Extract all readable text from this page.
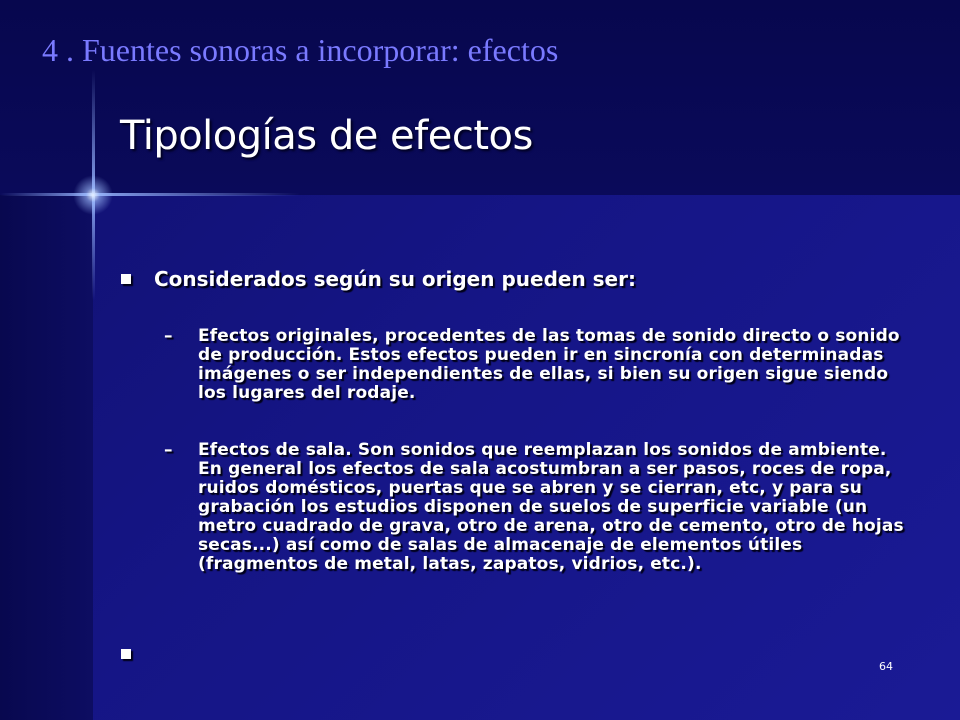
4 . Fuentes sonoras a incorporar: efectos
Tipologías de efectos
Considerados según su origen pueden ser:
– Efectos originales, procedentes de las tomas de sonido directo o sonido de producción. Estos efectos pueden ir en sincronía con determinadas imágenes o ser independientes de ellas, si bien su origen sigue siendo los lugares del rodaje.
– Efectos de sala. Son sonidos que reemplazan los sonidos de ambiente. En general los efectos de sala acostumbran a ser pasos, roces de ropa, ruidos domésticos, puertas que se abren y se cierran, etc, y para su grabación los estudios disponen de suelos de superficie variable (un metro cuadrado de grava, otro de arena, otro de cemento, otro de hojas secas...) así como de salas de almacenaje de elementos útiles (fragmentos de metal, latas, zapatos, vidrios, etc.).
64
